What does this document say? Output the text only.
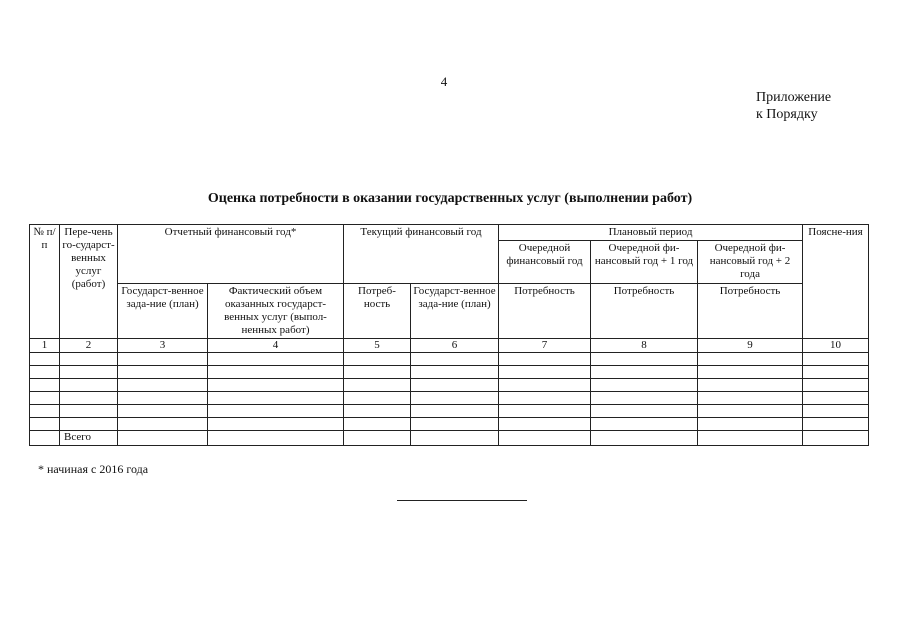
4
Приложение
к Порядку
Оценка потребности в оказании государственных услуг (выполнении работ)
№ п/п	Пере-чень го-сударст-венных услуг (работ)	Отчетный финансовый год*		Текущий финансовый год		Плановый период			Поясне-ния
						Очередной финансовый год	Очередной фи-нансовый год + 1 год	Очередной фи-нансовый год + 2 года	
		Государст-венное зада-ние (план)	Фактический объем оказанных государст-венных услуг (выпол-ненных работ)	Потреб-ность	Государст-венное зада-ние (план)	Потребность	Потребность	Потребность	
1	2	3	4	5	6	7	8	9	10

	Всего								
* начиная с 2016 года
